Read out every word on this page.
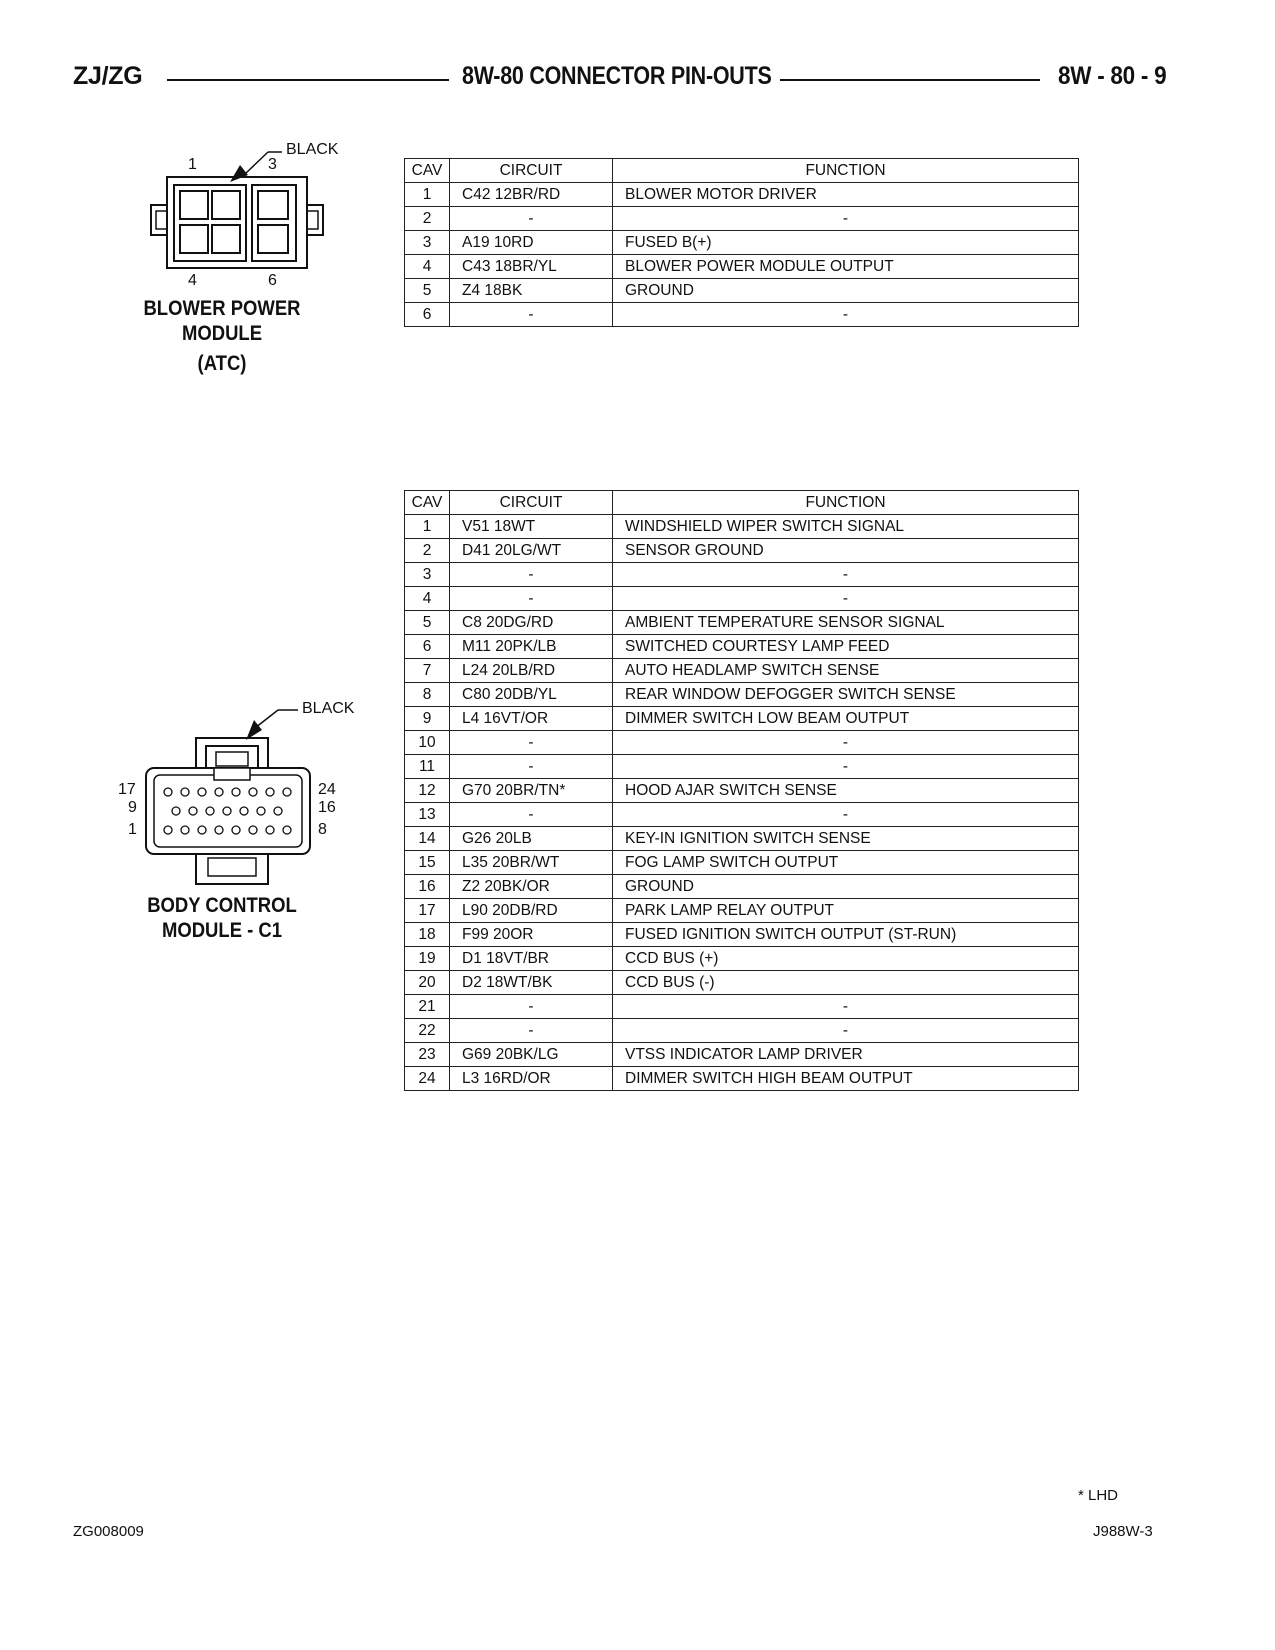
ZJ/ZG	8W-80 CONNECTOR PIN-OUTS	8W - 80 - 9
BLACK
1	3
4	6
BLOWER POWER
MODULE
(ATC)
CAV	CIRCUIT	FUNCTION
1	C42 12BR/RD	BLOWER MOTOR DRIVER
2	-	-
3	A19 10RD	FUSED B(+)
4	C43 18BR/YL	BLOWER POWER MODULE OUTPUT
5	Z4 18BK	GROUND
6	-	-
BLACK
17
9
1
24
16
8
BODY CONTROL
MODULE - C1
CAV	CIRCUIT	FUNCTION
1	V51 18WT	WINDSHIELD WIPER SWITCH SIGNAL
2	D41 20LG/WT	SENSOR GROUND
3	-	-
4	-	-
5	C8 20DG/RD	AMBIENT TEMPERATURE SENSOR SIGNAL
6	M11 20PK/LB	SWITCHED COURTESY LAMP FEED
7	L24 20LB/RD	AUTO HEADLAMP SWITCH SENSE
8	C80 20DB/YL	REAR WINDOW DEFOGGER SWITCH SENSE
9	L4 16VT/OR	DIMMER SWITCH LOW BEAM OUTPUT
10	-	-
11	-	-
12	G70 20BR/TN*	HOOD AJAR SWITCH SENSE
13	-	-
14	G26 20LB	KEY-IN IGNITION SWITCH SENSE
15	L35 20BR/WT	FOG LAMP SWITCH OUTPUT
16	Z2 20BK/OR	GROUND
17	L90 20DB/RD	PARK LAMP RELAY OUTPUT
18	F99 20OR	FUSED IGNITION SWITCH OUTPUT (ST-RUN)
19	D1 18VT/BR	CCD BUS (+)
20	D2 18WT/BK	CCD BUS (-)
21	-	-
22	-	-
23	G69 20BK/LG	VTSS INDICATOR LAMP DRIVER
24	L3 16RD/OR	DIMMER SWITCH HIGH BEAM OUTPUT
* LHD
ZG008009	J988W-3
